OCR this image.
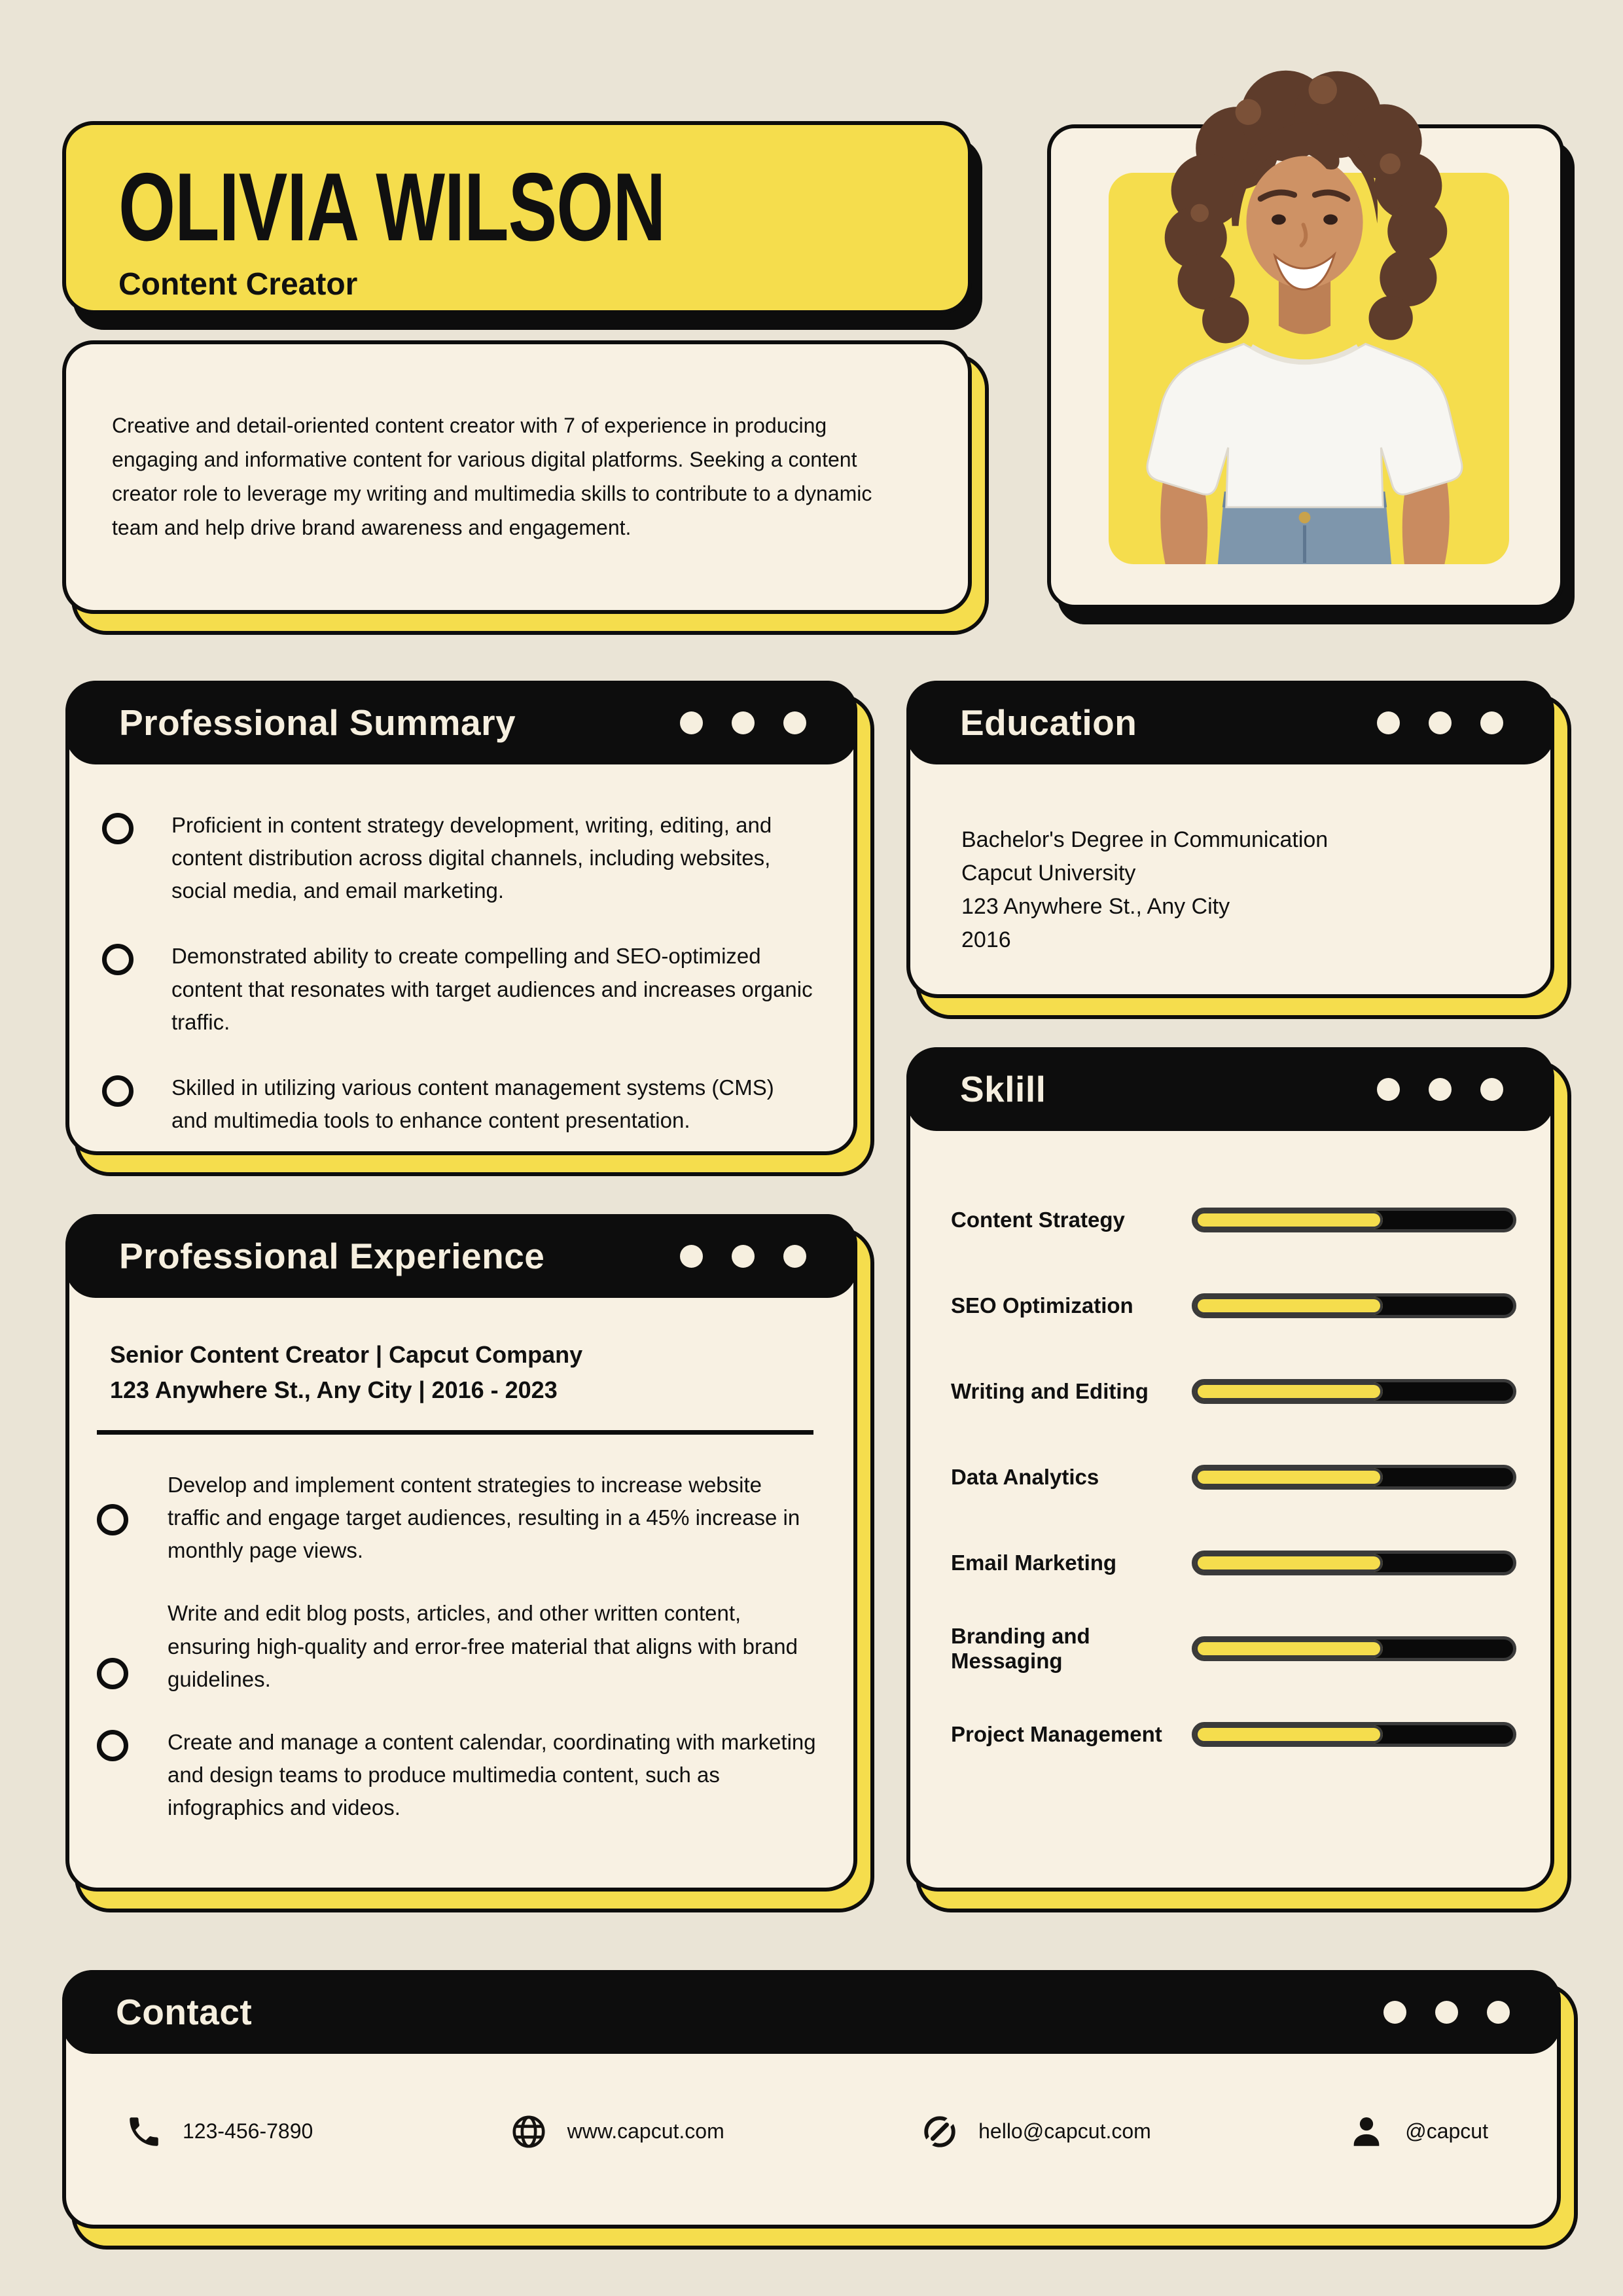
OLIVIA WILSON
Content Creator

Creative and detail-oriented content creator with 7 of experience in producing engaging and informative content for various digital platforms. Seeking a content creator role to leverage my writing and multimedia skills to contribute to a dynamic team and help drive brand awareness and engagement.

Professional Summary

Proficient in content strategy development, writing, editing, and content distribution across digital channels, including websites, social media, and email marketing.

Demonstrated ability to create compelling and SEO-optimized content that resonates with target audiences and increases organic traffic.

Skilled in utilizing various content management systems (CMS) and multimedia tools to enhance content presentation.

Education
Bachelor's Degree in Communication
Capcut University
123 Anywhere St., Any City
2016
Sklill
Content Strategy
SEO Optimization
Writing and Editing
Data Analytics
Email Marketing
Branding and Messaging
Project Management
Professional Experience
Senior Content Creator | Capcut Company
123 Anywhere St., Any City | 2016 - 2023

Develop and implement content strategies to increase website traffic and engage target audiences, resulting in a 45% increase in monthly page views.

Write and edit blog posts, articles, and other written content, ensuring high-quality and error-free material that aligns with brand guidelines.

Create and manage a content calendar, coordinating with marketing and design teams to produce multimedia content, such as infographics and videos.

Contact
123-456-7890	www.capcut.com	hello@capcut.com	@capcut
